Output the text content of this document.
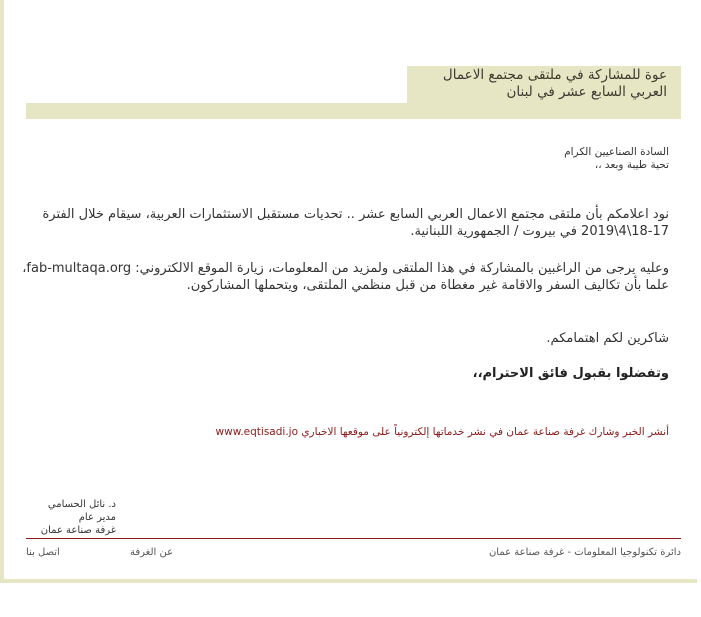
عوة للمشاركة في ملتقى مجتمع الاعمال العربي السابع عشر في لبنان
السادة الصناعيين الكرام
تحية طيبة وبعد ،،
نود اعلامكم بأن ملتقى مجتمع الاعمال العربي السابع عشر .. تحديات مستقبل الاستثمارات العربية، سيقام خلال الفترة 17-18\4\2019 في بيروت / الجمهورية اللبنانية.
وعليه يرجى من الراغبين بالمشاركة في هذا الملتقى ولمزيد من المعلومات، زيارة الموقع الالكتروني: fab-multaqa.org، علما بأن تكاليف السفر والاقامة غير مغطاة من قبل منظمي الملتقى، ويتحملها المشاركون.
شاكرين لكم اهتمامكم.
وتفضلوا بقبول فائق الاحترام،،
أنشر الخبر وشارك غرفة صناعة عمان في نشر خدماتها إلكترونياً على موقعها الاخباري www.eqtisadi.jo
د. نائل الحسامي
مدير عام
غرفة صناعة عمان
اتصل بنا	عن الغرفة	دائرة تكنولوجيا المعلومات - غرفة صناعة عمان
